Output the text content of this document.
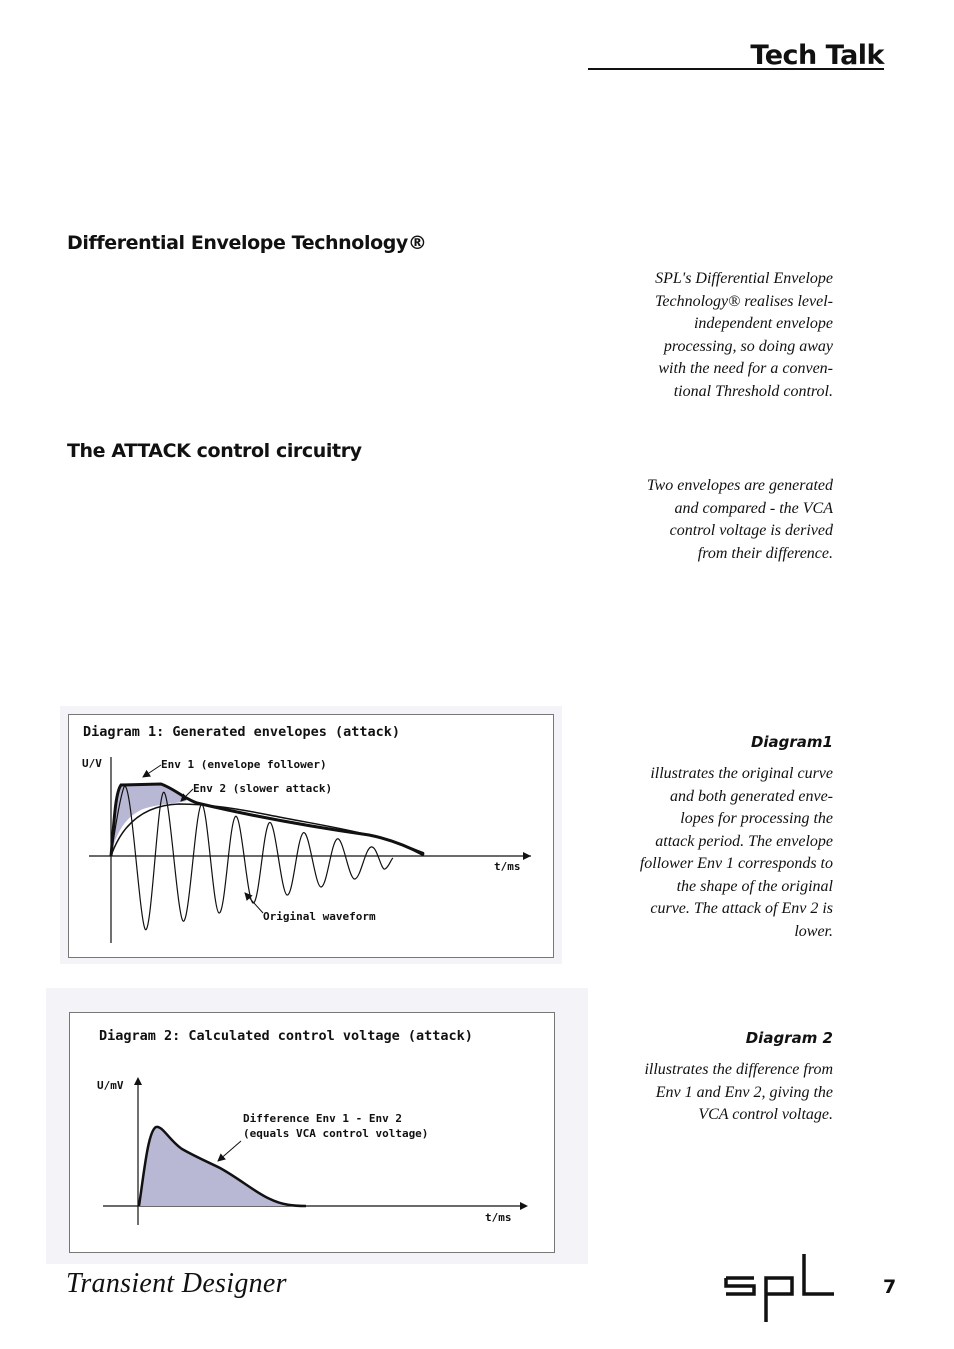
Tech Talk
Differential Envelope Technology®
SPL's Differential Envelope
Technology® realises level-
independent envelope
processing, so doing away
with the need for a conven-
tional Threshold control.
The ATTACK control circuitry
Two envelopes are generated
and compared - the VCA
control voltage is derived
from their difference.
Diagram 1: Generated envelopes (attack)
U/V
t/ms
Env 1 (envelope follower)
Env 2 (slower attack)
Original waveform
Diagram1
illustrates the original curve
and both generated enve-
lopes for processing the
attack period. The envelope
follower Env 1 corresponds to
the shape of the original
curve. The attack of Env 2 is
lower.
Diagram 2: Calculated control voltage (attack)
U/mV
t/ms
Difference Env 1 - Env 2
(equals VCA control voltage)
Diagram 2
illustrates the difference from
Env 1 and Env 2, giving the
VCA control voltage.
Transient Designer	7
